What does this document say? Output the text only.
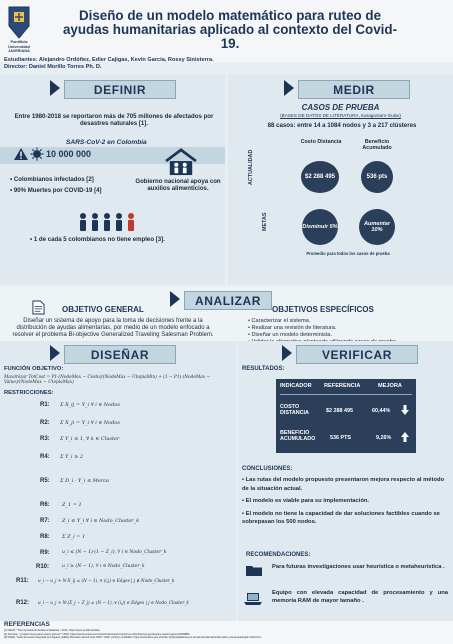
Pontificia Universidad JAVERIANA
Diseño de un modelo matemático para ruteo de ayudas humanitarias aplicado al contexto del Covid-19.
Estudiantes: Alejandro Ordóñez, Edier Cajigas, Kevin Garcia, Rossy Sinisterra.
Director: Daniel Morillo Torres Ph. D.
DEFINIR
Entre 1980-2018 se reportaron más de 705 millones de afectados por desastres naturales [1].
SARS-CoV-2 en Colombia
10 000 000
• Colombianos infectados [2]
• 90% Muertes por COVID-19 [4]
Gobierno nacional apoya con auxilios alimenticios.
• 1 de cada 5 colombianos no tiene empleo [3].
MEDIR
CASOS DE PRUEBA
(BASES DE DATOS DE LITERATURA, Karagantam-Gutiw)
88 casos: entre 14 a 1084 nodos y 3 a 217 clústeres
Costo Distancia	Beneficio Acumulado
ACTUALIDAD
METAS
$2 288 495	536 pts
Disminuir 5%	Aumentar 10%
Promedio para todos los casos de prueba
ANALIZAR
OBJETIVO GENERAL
Diseñar un sistema de apoyo para la toma de decisiones frente a la distribución de ayudas alimentarias, por medio de un modelo enfocado a resolver el problema Bi-objective Generalized Traveling Salesman Problem.
OBJETIVOS ESPECÍFICOS
• Caracterizar el sistema.
• Realizar una revisión de literatura.
• Diseñar un modelo determinista.
DISEÑAR
FUNCIÓN OBJETIVO:
Maximizar TotCost = P1·(NodeMax − Costo)/(NodeMax − UtopiaMin) + (1 − P1)·(NodeMax − Value)/(NodeMax − UtopiaMax)
RESTRICCIONES:
R1: Σ X_ij = Y_i ∀ i ∈ Nodos
R2: Σ X_ji = Y_i ∀ i ∈ Nodos
R3: Σ Y_i ≤ 1, ∀ k ∈ Cluster
R4: Σ Y_i ≥ 2
R5: Σ D_i · Y_i ≤ Merca
R6: Z_1 = 1
R7: Z_i ≤ Y_i ∀ i ∈ Nodo_Cluster_k
R8: Σ Z_i = 1
R9:	u_i ≤ (N − 1)·(1 − Z_i), ∀ i ∈ Nodo_Cluster_k
R10:	u_i ≥ (N − 1), ∀ i ∈ Nodo_Cluster_k
R11: u_i − u_j + N·X_ij ≤ (N − 1), ∀ (i,j) ∈ Edges | j ∉ Nodo_Cluster_k
R12: u_i − u_j + N·(Σ_j − Z_j) ≤ (N − 1), ∀ (i,j) ∈ Edges | j ∈ Nodo_Cluster_k
VERIFICAR
RESULTADOS:
INDICADOR REFERENCIA	MEJORA
COSTO DISTANCIA	$2 288 495	60,44%
BENEFICIO ACUMULADO	536 PTS	9,26%
CONCLUSIONES:
• Las rutas del modelo propuesto presentaron mejora respecto al método de la situación actual.
• El modelo es viable para su implementación.
• El modelo no tiene la capacidad de dar soluciones factibles cuando se sobrepasan los 500 nodos.
RECOMENDACIONES:
Para futuras investigaciones usar heurística o metaheurística .
Equipo con elevada capacidad de procesamiento y una memoria RAM de mayor tamaño .
REFERENCIAS
[1] OECD, "The international disasters database." 2019. https://www.emdat.be/data.
[2] Semana, "¿Cuánto tiene para nuestro género?" 2020. https://www.semana.com/nacion/articulo/coronavirus-colombia-hay-ayuda-para-nuestro-genero/669880/.
[3] DANE, "Gran Encuesta Integrada de Hogares (GEIH) Mercado Laboral Julio 2020." 2020. [Online]. Available: https://www.dane.gov.co/index.php/estadisticas-por-tema/mercado-laboral/empleo-y-desempleo/geih-historicos.
